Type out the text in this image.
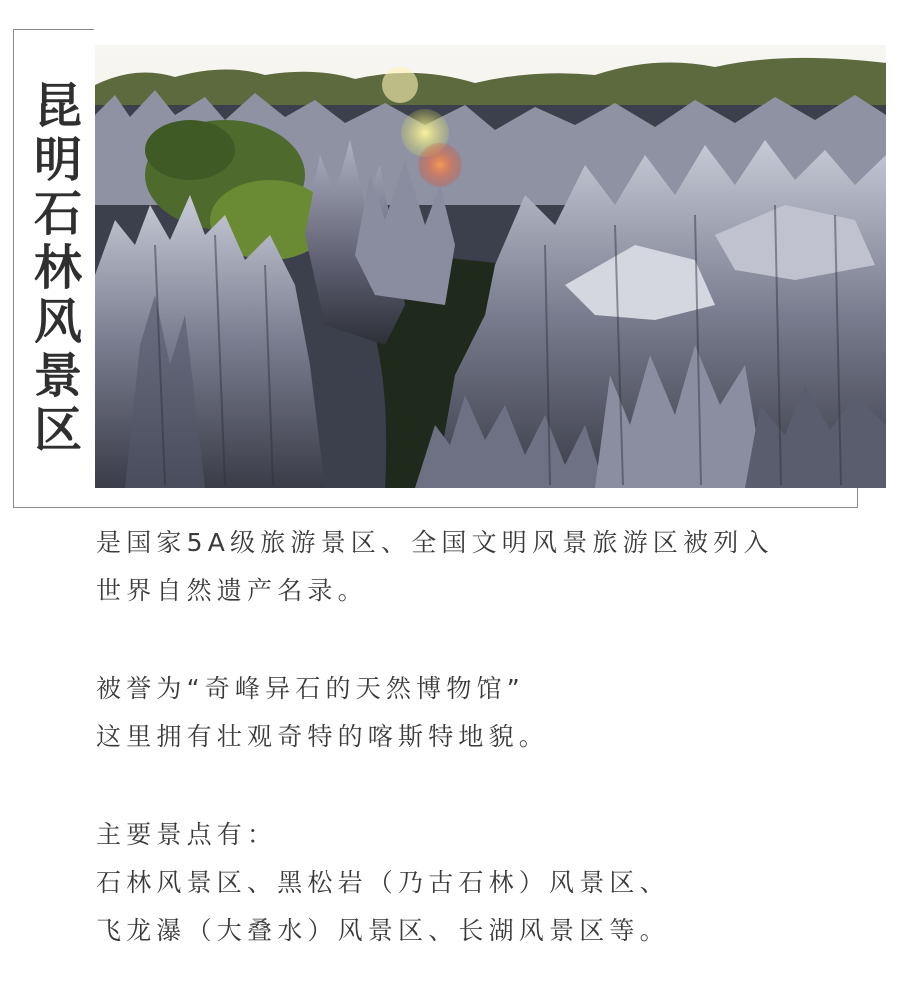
昆明石林风景区
是国家5A级旅游景区、全国文明风景旅游区被列入
世界自然遗产名录。
被誉为“奇峰异石的天然博物馆”
这里拥有壮观奇特的喀斯特地貌。
主要景点有：
石林风景区、黑松岩（乃古石林）风景区、
飞龙瀑（大叠水）风景区、长湖风景区等。
